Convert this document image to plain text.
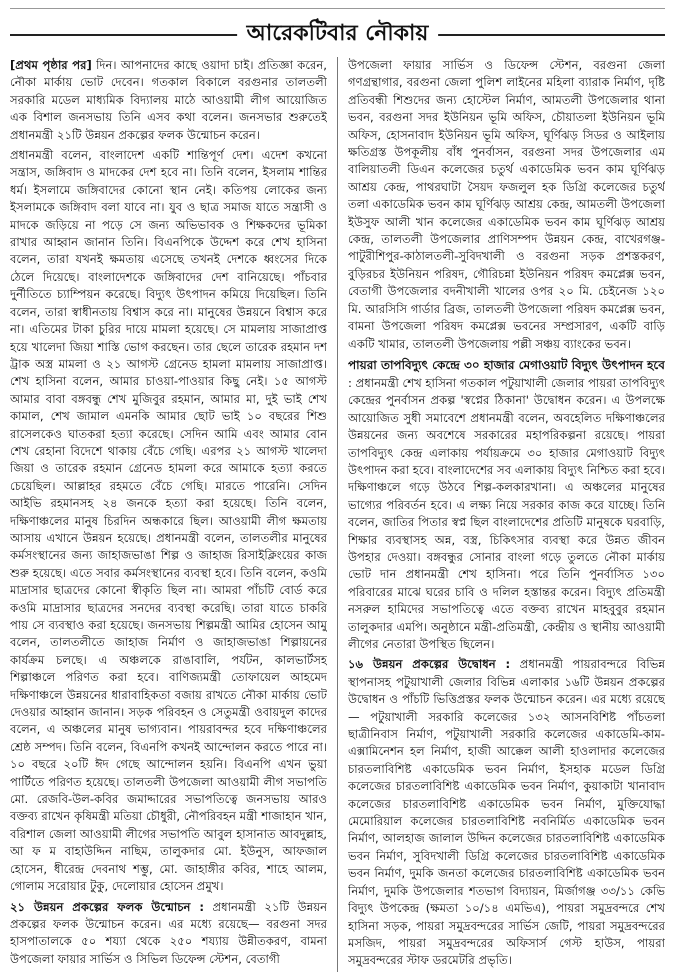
আরেকটিবার নৌকায়

[প্রথম পৃষ্ঠার পর] দিন। আপনাদের কাছে ওয়াদা চাই। প্রতিজ্ঞা করেন, নৌকা মার্কায় ভোট দেবেন। গতকাল বিকালে বরগুনার তালতলী সরকারি মডেল মাধ্যমিক বিদ্যালয় মাঠে আওয়ামী লীগ আয়োজিত এক বিশাল জনসভায় তিনি এসব কথা বলেন। জনসভার শুরুতেই প্রধানমন্ত্রী ২১টি উন্নয়ন প্রকল্পের ফলক উন্মোচন করেন।

প্রধানমন্ত্রী বলেন, বাংলাদেশ একটি শান্তিপূর্ণ দেশ। এদেশ কখনো সন্ত্রাস, জঙ্গিবাদ ও মাদকের দেশ হবে না। তিনি বলেন, ইসলাম শান্তির ধর্ম। ইসলামে জঙ্গিবাদের কোনো স্থান নেই। কতিপয় লোকের জন্য ইসলামকে জঙ্গিবাদ বলা যাবে না। যুব ও ছাত্র সমাজ যাতে সন্ত্রাসী ও মাদকে জড়িয়ে না পড়ে সে জন্য অভিভাবক ও শিক্ষকদের ভূমিকা রাখার আহ্বান জানান তিনি। বিএনপিকে উদ্দেশ করে শেখ হাসিনা বলেন, তারা যখনই ক্ষমতায় এসেছে তখনই দেশকে ধ্বংসের দিকে ঠেলে দিয়েছে। বাংলাদেশকে জঙ্গিবাদের দেশ বানিয়েছে। পাঁচবার দুর্নীতিতে চ্যাম্পিয়ন করেছে। বিদ্যুৎ উৎপাদন কমিয়ে দিয়েছিল। তিনি বলেন, তারা স্বাধীনতায় বিশ্বাস করে না। মানুষের উন্নয়নে বিশ্বাস করে না। এতিমের টাকা চুরির দায়ে মামলা হয়েছে। সে মামলায় সাজাপ্রাপ্ত হয়ে খালেদা জিয়া শাস্তি ভোগ করছেন। তার ছেলে তারেক রহমান দশ ট্রাক অস্ত্র মামলা ও ২১ আগস্ট গ্রেনেড হামলা মামলায় সাজাপ্রাপ্ত। শেখ হাসিনা বলেন, আমার চাওয়া-পাওয়ার কিছু নেই। ১৫ আগস্ট আমার বাবা বঙ্গবন্ধু শেখ মুজিবুর রহমান, আমার মা, দুই ভাই শেখ কামাল, শেখ জামাল এমনকি আমার ছোট ভাই ১০ বছরের শিশু রাসেলকেও ঘাতকরা হত্যা করেছে। সেদিন আমি এবং আমার বোন শেখ রেহানা বিদেশে থাকায় বেঁচে গেছি। এরপর ২১ আগস্ট খালেদা জিয়া ও তারেক রহমান গ্রেনেড হামলা করে আমাকে হত্যা করতে চেয়েছিল। আল্লাহর রহমতে বেঁচে গেছি। মারতে পারেনি। সেদিন আইভি রহমানসহ ২৪ জনকে হত্যা করা হয়েছে। তিনি বলেন, দক্ষিণাঞ্চলের মানুষ চিরদিন অন্ধকারে ছিল। আওয়ামী লীগ ক্ষমতায় আসায় এখানে উন্নয়ন হয়েছে। প্রধানমন্ত্রী বলেন, তালতলীর মানুষের কর্মসংস্থানের জন্য জাহাজভাঙা শিল্প ও জাহাজ রিসাইক্লিংয়ের কাজ শুরু হয়েছে। এতে সবার কর্মসংস্থানের ব্যবস্থা হবে। তিনি বলেন, কওমি মাদ্রাসার ছাত্রদের কোনো স্বীকৃতি ছিল না। আমরা পাঁচটি বোর্ড করে কওমি মাদ্রাসার ছাত্রদের সনদের ব্যবস্থা করেছি। তারা যাতে চাকরি পায় সে ব্যবস্থাও করা হয়েছে। জনসভায় শিল্পমন্ত্রী আমির হোসেন আমু বলেন, তালতলীতে জাহাজ নির্মাণ ও জাহাজভাঙা শিল্পায়নের কার্যক্রম চলছে। এ অঞ্চলকে রাঙাবালি, পর্যটন, কালভার্টসহ শিল্পাঞ্চলে পরিণত করা হবে। বাণিজ্যমন্ত্রী তোফায়েল আহমেদ দক্ষিণাঞ্চলে উন্নয়নের ধারাবাহিকতা বজায় রাখতে নৌকা মার্কায় ভোট দেওয়ার আহ্বান জানান। সড়ক পরিবহন ও সেতুমন্ত্রী ওবায়দুল কাদের বলেন, এ অঞ্চলের মানুষ ভাগ্যবান। পায়রাবন্দর হবে দক্ষিণাঞ্চলের শ্রেষ্ঠ সম্পদ। তিনি বলেন, বিএনপি কখনই আন্দোলন করতে পারে না। ১০ বছরে ২০টি ঈদ গেছে আন্দোলন হয়নি। বিএনপি এখন ভুয়া পার্টিতে পরিণত হয়েছে। তালতলী উপজেলা আওয়ামী লীগ সভাপতি মো. রেজবি-উল-কবির জমাদ্দারের সভাপতিত্বে জনসভায় আরও বক্তব্য রাখেন কৃষিমন্ত্রী মতিয়া চৌধুরী, নৌপরিবহন মন্ত্রী শাজাহান খান, বরিশাল জেলা আওয়ামী লীগের সভাপতি আবুল হাসানাত আবদুল্লাহ, আ ফ ম বাহাউদ্দিন নাছিম, তালুকদার মো. ইউনুস, আফজাল হোসেন, ধীরেন্দ্র দেবনাথ শম্ভু, মো. জাহাঙ্গীর কবির, শাহে আলম, গোলাম সরোয়ার টুকু, দেলোয়ার হোসেন প্রমুখ।

২১ উন্নয়ন প্রকল্পের ফলক উন্মোচন : প্রধানমন্ত্রী ২১টি উন্নয়ন প্রকল্পের ফলক উন্মোচন করেন। এর মধ্যে রয়েছে— বরগুনা সদর হাসপাতালকে ৫০ শয্যা থেকে ২৫০ শয্যায় উন্নীতকরণ, বামনা উপজেলা ফায়ার সার্ভিস ও সিভিল ডিফেন্স স্টেশন, বেতাগী

উপজেলা ফায়ার সার্ভিস ও ডিফেন্স স্টেশন, বরগুনা জেলা গণগ্রন্থাগার, বরগুনা জেলা পুলিশ লাইনের মহিলা ব্যারাক নির্মাণ, দৃষ্টি প্রতিবন্ধী শিশুদের জন্য হোস্টেল নির্মাণ, আমতলী উপজেলার থানা ভবন, বরগুনা সদর ইউনিয়ন ভূমি অফিস, চৌয়াতলা ইউনিয়ন ভূমি অফিস, হোসনাবাদ ইউনিয়ন ভূমি অফিস, ঘূর্ণিঝড় সিডর ও আইলায় ক্ষতিগ্রস্ত উপকূলীয় বাঁধ পুনর্বাসন, বরগুনা সদর উপজেলার এম বালিয়াতলী ডিএন কলেজের চতুর্থ একাডেমিক ভবন কাম ঘূর্ণিঝড় আশ্রয় কেন্দ্র, পাথরঘাটা সৈয়দ ফজলুল হক ডিগ্রি কলেজের চতুর্থ তলা একাডেমিক ভবন কাম ঘূর্ণিঝড় আশ্রয় কেন্দ্র, আমতলী উপজেলা ইউসুফ আলী খান কলেজের একাডেমিক ভবন কাম ঘূর্ণিঝড় আশ্রয় কেন্দ্র, তালতলী উপজেলার প্রাণিসম্পদ উন্নয়ন কেন্দ্র, বাখেরগঞ্জ-পাটুরীশিপুর-কাঠালতলী-সুবিদখালী ও বরগুনা সড়ক প্রশস্তকরণ, বুড়িরচর ইউনিয়ন পরিষদ, গৌরিচন্না ইউনিয়ন পরিষদ কমপ্লেক্স ভবন, বেতাগী উপজেলার বদনীখালী খালের ওপর ২০ মি. চেইনেজ ১২০ মি. আরসিসি গার্ডার ব্রিজ, তালতলী উপজেলা পরিষদ কমপ্লেক্স ভবন, বামনা উপজেলা পরিষদ কমপ্লেক্স ভবনের সম্প্রসারণ, একটি বাড়ি একটি খামার, তালতলী উপজেলায় পল্লী সঞ্চয় ব্যাংকের ভবন।

পায়রা তাপবিদ্যুৎ কেন্দ্রে ৩০ হাজার মেগাওয়াট বিদ্যুৎ উৎপাদন হবে

: প্রধানমন্ত্রী শেখ হাসিনা গতকাল পটুয়াখালী জেলার পায়রা তাপবিদ্যুৎ কেন্দ্রের পুনর্বাসন প্রকল্প 'স্বপ্নের ঠিকানা' উদ্বোধন করেন। এ উপলক্ষে আয়োজিত সুধী সমাবেশে প্রধানমন্ত্রী বলেন, অবহেলিত দক্ষিণাঞ্চলের উন্নয়নের জন্য অবশেষে সরকারের মহাপরিকল্পনা রয়েছে। পায়রা তাপবিদ্যুৎ কেন্দ্র এলাকায় পর্যায়ক্রমে ৩০ হাজার মেগাওয়াট বিদ্যুৎ উৎপাদন করা হবে। বাংলাদেশের সব এলাকায় বিদ্যুৎ নিশ্চিত করা হবে। দক্ষিণাঞ্চলে গড়ে উঠবে শিল্প-কলকারখানা। এ অঞ্চলের মানুষের ভাগ্যের পরিবর্তন হবে। এ লক্ষ্য নিয়ে সরকার কাজ করে যাচ্ছে। তিনি বলেন, জাতির পিতার স্বপ্ন ছিল বাংলাদেশের প্রতিটি মানুষকে ঘরবাড়ি, শিক্ষার ব্যবস্থাসহ অন্ন, বস্ত্র, চিকিৎসার ব্যবস্থা করে উন্নত জীবন উপহার দেওয়া। বঙ্গবন্ধুর সোনার বাংলা গড়ে তুলতে নৌকা মার্কায় ভোট দান প্রধানমন্ত্রী শেখ হাসিনা। পরে তিনি পুনর্বাসিত ১৩০ পরিবারের মাঝে ঘরের চাবি ও দলিল হস্তান্তর করেন। বিদ্যুৎ প্রতিমন্ত্রী নসরুল হামিদের সভাপতিত্বে এতে বক্তব্য রাখেন মাহবুবুর রহমান তালুকদার এমপি। অনুষ্ঠানে মন্ত্রী-প্রতিমন্ত্রী, কেন্দ্রীয় ও স্থানীয় আওয়ামী লীগের নেতারা উপস্থিত ছিলেন।

১৬ উন্নয়ন প্রকল্পের উদ্বোধন : প্রধানমন্ত্রী পায়রাবন্দরে বিভিন্ন স্থাপনাসহ পটুয়াখালী জেলার বিভিন্ন এলাকার ১৬টি উন্নয়ন প্রকল্পের উদ্বোধন ও পাঁচটি ভিত্তিপ্রস্তর ফলক উন্মোচন করেন। এর মধ্যে রয়েছে— পটুয়াখালী সরকারি কলেজের ১৩২ আসনবিশিষ্ট পাঁচতলা ছাত্রীনিবাস নির্মাণ, পটুয়াখালী সরকারি কলেজের একাডেমি-কাম-এক্সামিনেশন হল নির্মাণ, হাজী আক্কেল আলী হাওলাদার কলেজের চারতলাবিশিষ্ট একাডেমিক ভবন নির্মাণ, ইসহাক মডেল ডিগ্রি কলেজের চারতলাবিশিষ্ট একাডেমিক ভবন নির্মাণ, কুয়াকাটা খানাবাদ কলেজের চারতলাবিশিষ্ট একাডেমিক ভবন নির্মাণ, মুক্তিযোদ্ধা মেমোরিয়াল কলেজের চারতলাবিশিষ্ট নবনির্মিত একাডেমিক ভবন নির্মাণ, আলহাজ জালাল উদ্দিন কলেজের চারতলাবিশিষ্ট একাডেমিক ভবন নির্মাণ, সুবিদখালী ডিগ্রি কলেজের চারতলাবিশিষ্ট একাডেমিক ভবন নির্মাণ, দুমকি জনতা কলেজের চারতলাবিশিষ্ট একাডেমিক ভবন নির্মাণ, দুমকি উপজেলার শতভাগ বিদ্যায়ন, মির্জাগঞ্জ ৩৩/১১ কেভি বিদ্যুৎ উপকেন্দ্র (ক্ষমতা ১০/১৪ এমভিএ), পায়রা সমুদ্রবন্দরে শেখ হাসিনা সড়ক, পায়রা সমুদ্রবন্দরের সার্ভিস জেটি, পায়রা সমুদ্রবন্দরের মসজিদ, পায়রা সমুদ্রবন্দরের অফিসার্স গেস্ট হাউস, পায়রা সমুদ্রবন্দরের স্টাফ ডরমেটরি প্রভৃতি।
